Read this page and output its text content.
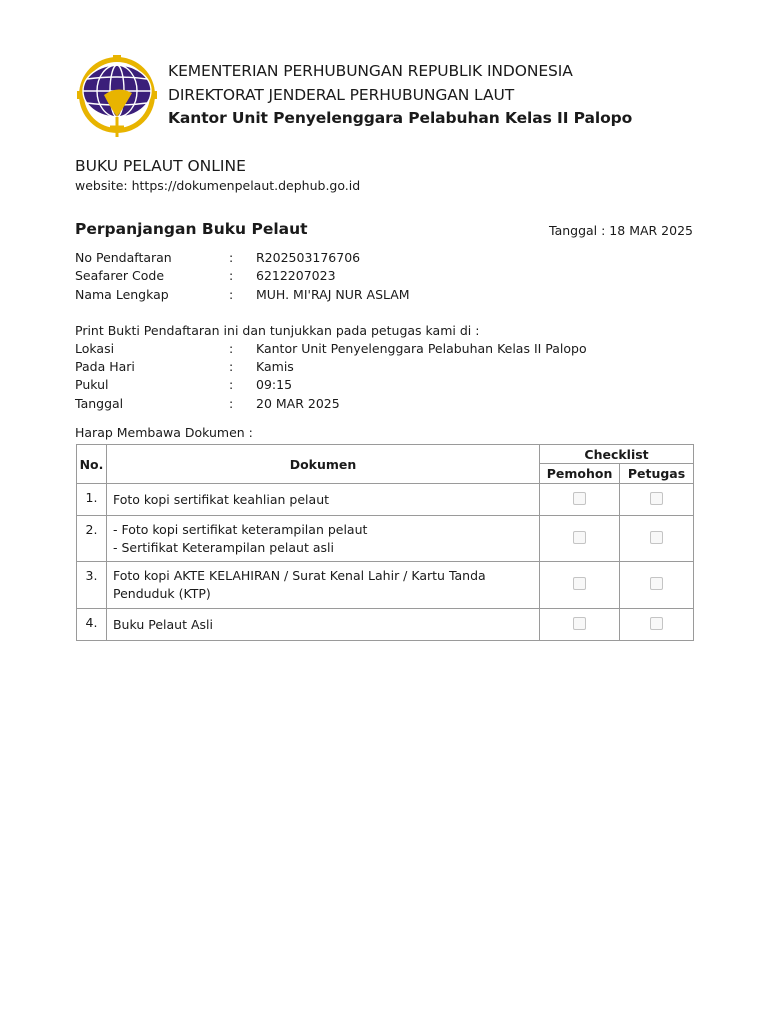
KEMENTERIAN PERHUBUNGAN REPUBLIK INDONESIA
DIREKTORAT JENDERAL PERHUBUNGAN LAUT
Kantor Unit Penyelenggara Pelabuhan Kelas II Palopo
BUKU PELAUT ONLINE
website: https://dokumenpelaut.dephub.go.id
Perpanjangan Buku Pelaut	Tanggal : 18 MAR 2025
No Pendaftaran	: R202503176706
Seafarer Code	: 6212207023
Nama Lengkap	: MUH. MI'RAJ NUR ASLAM
Print Bukti Pendaftaran ini dan tunjukkan pada petugas kami di :
Lokasi	: Kantor Unit Penyelenggara Pelabuhan Kelas II Palopo
Pada Hari	: Kamis
Pukul	: 09:15
Tanggal	: 20 MAR 2025
Harap Membawa Dokumen :
No.	Dokumen	Checklist	
		Pemohon	Petugas
1.	Foto kopi sertifikat keahlian pelaut		

2.	- Foto kopi sertifikat keterampilan pelaut
- Sertifikat Keterampilan pelaut asli		

3.	Foto kopi AKTE KELAHIRAN / Surat Kenal Lahir / Kartu Tanda
Penduduk (KTP)		

4.	Buku Pelaut Asli		
